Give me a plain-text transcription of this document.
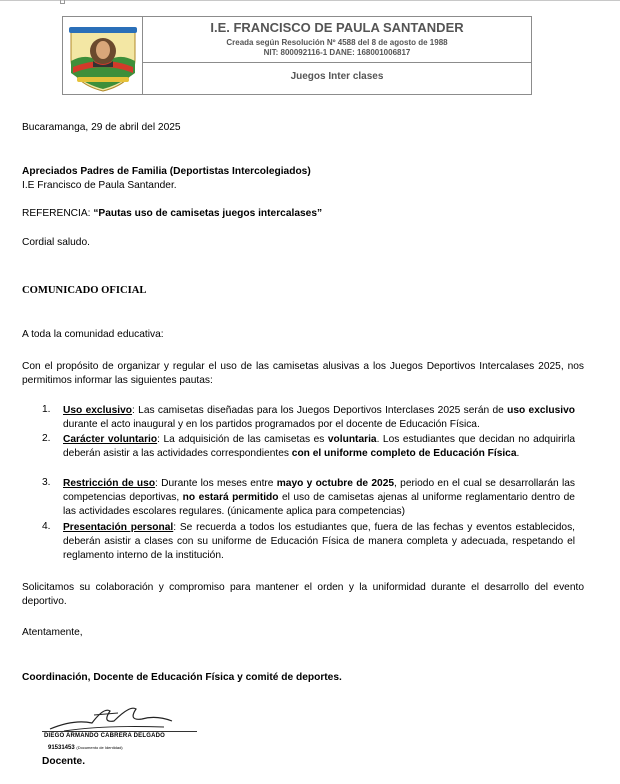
I.E. FRANCISCO DE PAULA SANTANDER
Creada según Resolución Nº 4588 del 8 de agosto de 1988
NIT: 800092116-1 DANE: 168001006817
Juegos Inter clases
Bucaramanga, 29 de abril del 2025
Apreciados Padres de Familia (Deportistas Intercolegiados)
I.E Francisco de Paula Santander.
REFERENCIA: “Pautas uso de camisetas juegos intercalases”
Cordial saludo.
COMUNICADO OFICIAL
A toda la comunidad educativa:
Con el propósito de organizar y regular el uso de las camisetas alusivas a los Juegos Deportivos Intercalases 2025, nos permitimos informar las siguientes pautas:
1. Uso exclusivo: Las camisetas diseñadas para los Juegos Deportivos Interclases 2025 serán de uso exclusivo durante el acto inaugural y en los partidos programados por el docente de Educación Física.
2. Carácter voluntario: La adquisición de las camisetas es voluntaria. Los estudiantes que decidan no adquirirla deberán asistir a las actividades correspondientes con el uniforme completo de Educación Física.
3. Restricción de uso: Durante los meses entre mayo y octubre de 2025, periodo en el cual se desarrollarán las competencias deportivas, no estará permitido el uso de camisetas ajenas al uniforme reglamentario dentro de las actividades escolares regulares. (únicamente aplica para competencias)
4. Presentación personal: Se recuerda a todos los estudiantes que, fuera de las fechas y eventos establecidos, deberán asistir a clases con su uniforme de Educación Física de manera completa y adecuada, respetando el reglamento interno de la institución.
Solicitamos su colaboración y compromiso para mantener el orden y la uniformidad durante el desarrollo del evento deportivo.
Atentamente,
Coordinación, Docente de Educación Física y comité de deportes.
DIEGO ARMANDO CABRERA DELGADO
91531453 (Documento de Identidad)
Docente.
